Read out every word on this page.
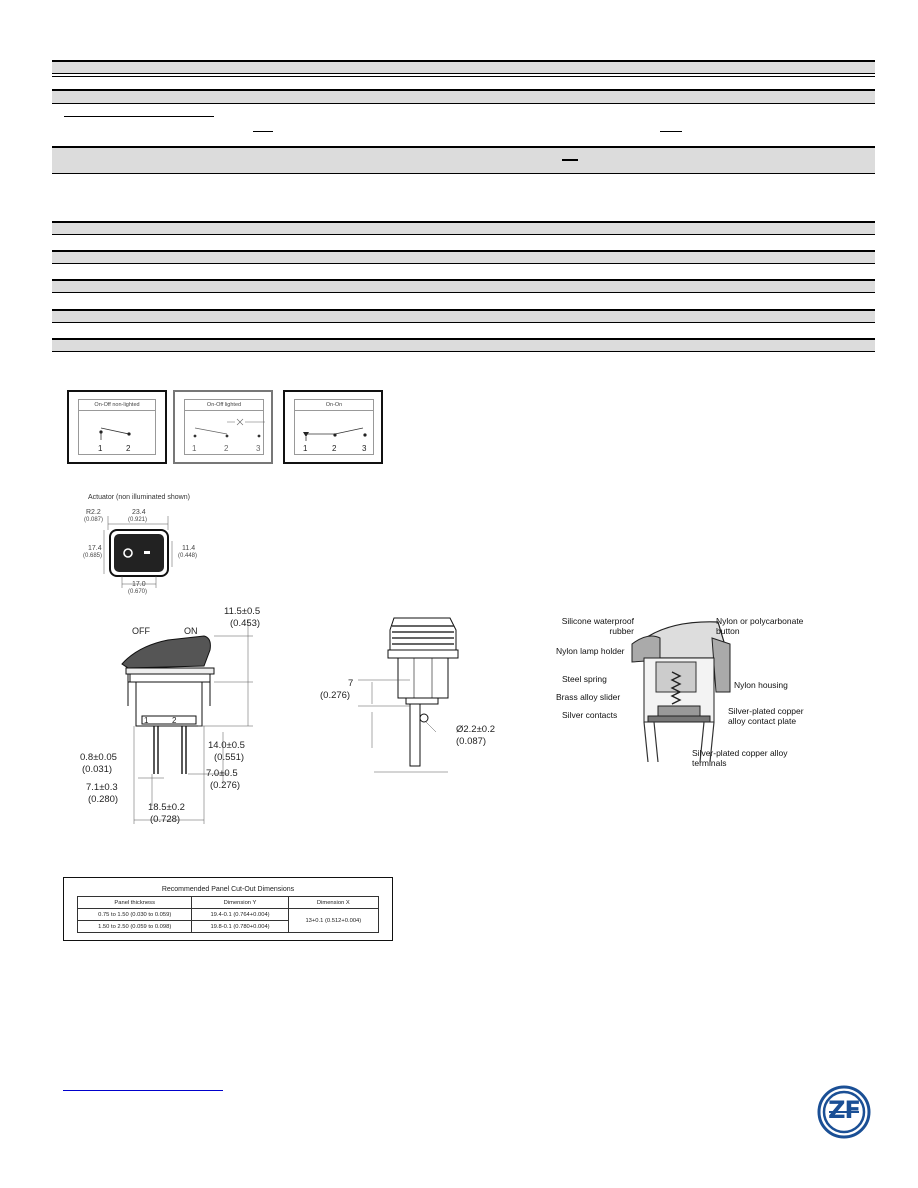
On-Off non-lighted
1	2
On-Off lighted
1	2	3
On-On
1	2	3
Actuator (non illuminated shown)
R2.2
(0.087)
23.4
(0.921)
17.4
(0.685)
11.4
(0.448)
17.0
(0.670)
OFF	ON
11.5±0.5
(0.453)
14.0±0.5
(0.551)
7.0±0.5
(0.276)
0.8±0.05
(0.031)
7.1±0.3
(0.280)
18.5±0.2
(0.728)
1	2
7
(0.276)
Ø2.2±0.2
(0.087)
Silicone waterproof rubber
Nylon or polycarbonate button
Nylon lamp holder
Steel spring
Nylon housing
Brass alloy slider
Silver contacts	Silver-plated copper alloy contact plate
Silver-plated copper alloy terminals
Recommended Panel Cut-Out Dimensions
Panel thickness	Dimension Y	Dimension X
0.75 to 1.50 (0.030 to 0.059)	19.4-0.1 (0.764+0.004)	13+0.1 (0.512+0.004)
1.50 to 2.50 (0.059 to 0.098)	19.8-0.1 (0.780+0.004)	
ZF
